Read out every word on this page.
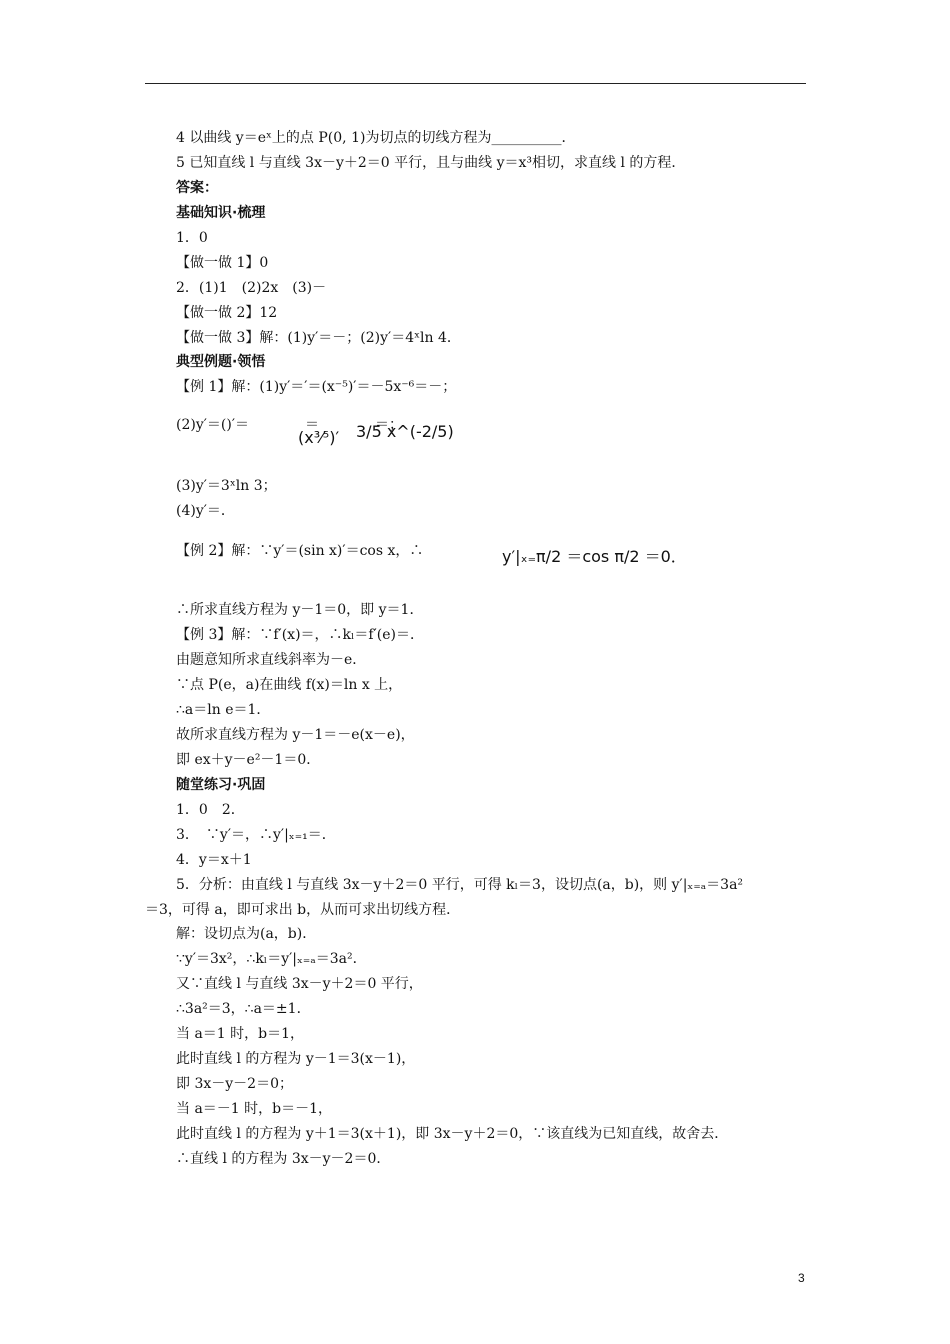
4 以曲线 y＝eˣ上的点 P(0, 1)为切点的切线方程为__________．
5 已知直线 l 与直线 3x－y＋2＝0 平行，且与曲线 y＝x³相切，求直线 l 的方程．
答案：
基础知识·梳理
1．0
【做一做 1】0
2．(1)1　(2)2x　(3)－
【做一做 2】12
【做一做 3】解：(1)y′＝－；(2)y′＝4ˣln 4．
典型例题·领悟
【例 1】解：(1)y′＝′＝(x⁻⁵)′＝－5x⁻⁶＝－；
(2)y′＝()′＝　　　　＝　　　　＝；
(x³⁄⁵)′ 3/5 x^(-2/5)
(3)y′＝3ˣln 3；
(4)y′＝．
【例 2】解：∵y′＝(sin x)′＝cos x，∴	y′|ₓ₌π/2 ＝cos π/2 ＝0．
∴所求直线方程为 y－1＝0，即 y＝1．
【例 3】解：∵f′(x)＝，∴kₗ＝f′(e)＝．
由题意知所求直线斜率为－e．
∵点 P(e，a)在曲线 f(x)＝ln x 上，
∴a＝ln e＝1．
故所求直线方程为 y－1＝－e(x－e)，
即 ex＋y－e²－1＝0．
随堂练习·巩固
1．0　2．
3．　∵y′＝，∴y′|ₓ₌₁＝．
4．y＝x＋1
5．分析：由直线 l 与直线 3x－y＋2＝0 平行，可得 kₗ＝3，设切点(a，b)，则 y′|ₓ₌ₐ＝3a²
＝3，可得 a，即可求出 b，从而可求出切线方程．
解：设切点为(a，b)．
∵y′＝3x²，∴kₗ＝y′|ₓ₌ₐ＝3a²．
又∵直线 l 与直线 3x－y＋2＝0 平行，
∴3a²＝3，∴a＝±1．
当 a＝1 时，b＝1，
此时直线 l 的方程为 y－1＝3(x－1)，
即 3x－y－2＝0；
当 a＝－1 时，b＝－1，
此时直线 l 的方程为 y＋1＝3(x＋1)，即 3x－y＋2＝0，∵该直线为已知直线，故舍去．
∴直线 l 的方程为 3x－y－2＝0．
3
